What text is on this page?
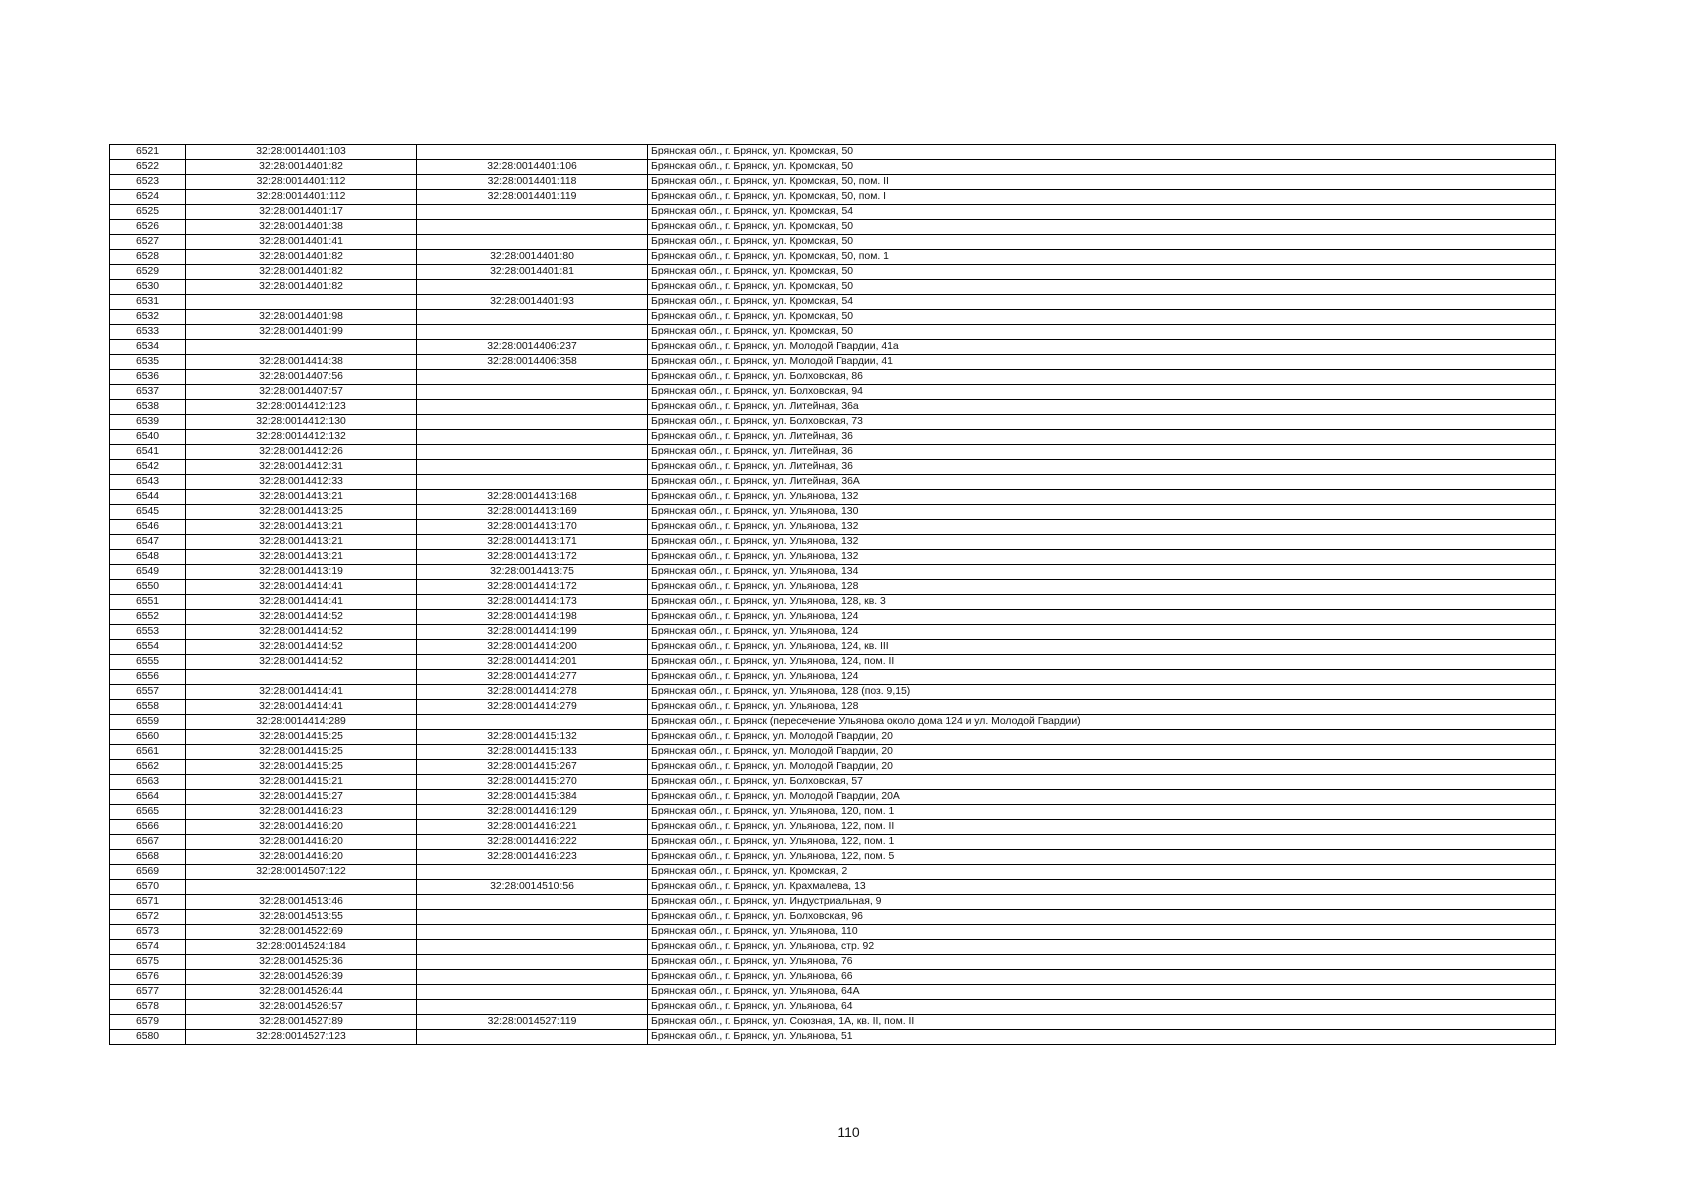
6521	32:28:0014401:103		Брянская обл., г. Брянск, ул. Кромская, 50
6522	32:28:0014401:82	32:28:0014401:106	Брянская обл., г. Брянск, ул. Кромская, 50
6523	32:28:0014401:112	32:28:0014401:118	Брянская обл., г. Брянск, ул. Кромская, 50, пом. II
6524	32:28:0014401:112	32:28:0014401:119	Брянская обл., г. Брянск, ул. Кромская, 50, пом. I
6525	32:28:0014401:17		Брянская обл., г. Брянск, ул. Кромская, 54
6526	32:28:0014401:38		Брянская обл., г. Брянск, ул. Кромская, 50
6527	32:28:0014401:41		Брянская обл., г. Брянск, ул. Кромская, 50
6528	32:28:0014401:82	32:28:0014401:80	Брянская обл., г. Брянск, ул. Кромская, 50, пом. 1
6529	32:28:0014401:82	32:28:0014401:81	Брянская обл., г. Брянск, ул. Кромская, 50
6530	32:28:0014401:82		Брянская обл., г. Брянск, ул. Кромская, 50
6531		32:28:0014401:93	Брянская обл., г. Брянск, ул. Кромская, 54
6532	32:28:0014401:98		Брянская обл., г. Брянск, ул. Кромская, 50
6533	32:28:0014401:99		Брянская обл., г. Брянск, ул. Кромская, 50
6534		32:28:0014406:237	Брянская обл., г. Брянск, ул. Молодой Гвардии, 41а
6535	32:28:0014414:38	32:28:0014406:358	Брянская обл., г. Брянск, ул. Молодой Гвардии, 41
6536	32:28:0014407:56		Брянская обл., г. Брянск, ул. Болховская, 86
6537	32:28:0014407:57		Брянская обл., г. Брянск, ул. Болховская, 94
6538	32:28:0014412:123		Брянская обл., г. Брянск, ул. Литейная, 36а
6539	32:28:0014412:130		Брянская обл., г. Брянск, ул. Болховская, 73
6540	32:28:0014412:132		Брянская обл., г. Брянск, ул. Литейная, 36
6541	32:28:0014412:26		Брянская обл., г. Брянск, ул. Литейная, 36
6542	32:28:0014412:31		Брянская обл., г. Брянск, ул. Литейная, 36
6543	32:28:0014412:33		Брянская обл., г. Брянск, ул. Литейная, 36А
6544	32:28:0014413:21	32:28:0014413:168	Брянская обл., г. Брянск, ул. Ульянова, 132
6545	32:28:0014413:25	32:28:0014413:169	Брянская обл., г. Брянск, ул. Ульянова, 130
6546	32:28:0014413:21	32:28:0014413:170	Брянская обл., г. Брянск, ул. Ульянова, 132
6547	32:28:0014413:21	32:28:0014413:171	Брянская обл., г. Брянск, ул. Ульянова, 132
6548	32:28:0014413:21	32:28:0014413:172	Брянская обл., г. Брянск, ул. Ульянова, 132
6549	32:28:0014413:19	32:28:0014413:75	Брянская обл., г. Брянск, ул. Ульянова, 134
6550	32:28:0014414:41	32:28:0014414:172	Брянская обл., г. Брянск, ул. Ульянова, 128
6551	32:28:0014414:41	32:28:0014414:173	Брянская обл., г. Брянск, ул. Ульянова, 128, кв. 3
6552	32:28:0014414:52	32:28:0014414:198	Брянская обл., г. Брянск, ул. Ульянова, 124
6553	32:28:0014414:52	32:28:0014414:199	Брянская обл., г. Брянск, ул. Ульянова, 124
6554	32:28:0014414:52	32:28:0014414:200	Брянская обл., г. Брянск, ул. Ульянова, 124, кв. III
6555	32:28:0014414:52	32:28:0014414:201	Брянская обл., г. Брянск, ул. Ульянова, 124, пом. II
6556		32:28:0014414:277	Брянская обл., г. Брянск, ул. Ульянова, 124
6557	32:28:0014414:41	32:28:0014414:278	Брянская обл., г. Брянск, ул. Ульянова, 128 (поз. 9,15)
6558	32:28:0014414:41	32:28:0014414:279	Брянская обл., г. Брянск, ул. Ульянова, 128
6559	32:28:0014414:289		Брянская обл., г. Брянск (пересечение Ульянова около дома 124 и ул. Молодой Гвардии)
6560	32:28:0014415:25	32:28:0014415:132	Брянская обл., г. Брянск, ул. Молодой Гвардии, 20
6561	32:28:0014415:25	32:28:0014415:133	Брянская обл., г. Брянск, ул. Молодой Гвардии, 20
6562	32:28:0014415:25	32:28:0014415:267	Брянская обл., г. Брянск, ул. Молодой Гвардии, 20
6563	32:28:0014415:21	32:28:0014415:270	Брянская обл., г. Брянск, ул. Болховская, 57
6564	32:28:0014415:27	32:28:0014415:384	Брянская обл., г. Брянск, ул. Молодой Гвардии, 20А
6565	32:28:0014416:23	32:28:0014416:129	Брянская обл., г. Брянск, ул. Ульянова, 120, пом. 1
6566	32:28:0014416:20	32:28:0014416:221	Брянская обл., г. Брянск, ул. Ульянова, 122, пом. II
6567	32:28:0014416:20	32:28:0014416:222	Брянская обл., г. Брянск, ул. Ульянова, 122, пом. 1
6568	32:28:0014416:20	32:28:0014416:223	Брянская обл., г. Брянск, ул. Ульянова, 122, пом. 5
6569	32:28:0014507:122		Брянская обл., г. Брянск, ул. Кромская, 2
6570		32:28:0014510:56	Брянская обл., г. Брянск, ул. Крахмалева, 13
6571	32:28:0014513:46		Брянская обл., г. Брянск, ул. Индустриальная, 9
6572	32:28:0014513:55		Брянская обл., г. Брянск, ул. Болховская, 96
6573	32:28:0014522:69		Брянская обл., г. Брянск, ул. Ульянова, 110
6574	32:28:0014524:184		Брянская обл., г. Брянск, ул. Ульянова, стр. 92
6575	32:28:0014525:36		Брянская обл., г. Брянск, ул. Ульянова, 76
6576	32:28:0014526:39		Брянская обл., г. Брянск, ул. Ульянова, 66
6577	32:28:0014526:44		Брянская обл., г. Брянск, ул. Ульянова, 64А
6578	32:28:0014526:57		Брянская обл., г. Брянск, ул. Ульянова, 64
6579	32:28:0014527:89	32:28:0014527:119	Брянская обл., г. Брянск, ул. Союзная, 1А, кв. II, пом. II
6580	32:28:0014527:123		Брянская обл., г. Брянск, ул. Ульянова, 51
110
